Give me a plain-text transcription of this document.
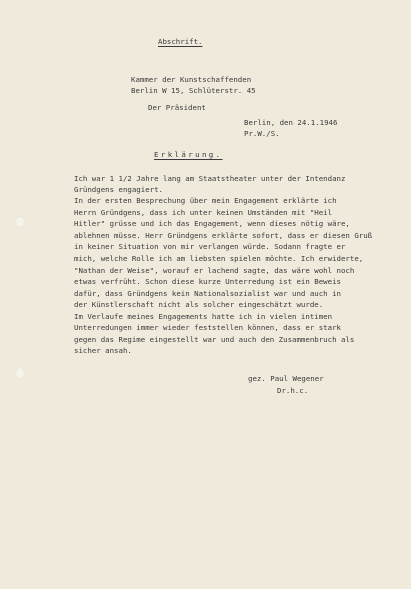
Abschrift.
Kammer der Kunstschaffenden
Berlin W 15, Schlüterstr. 45
Der Präsident
Berlin, den 24.1.1946
Pr.W./S.
Erklärung.
Ich war 1 1/2 Jahre lang am Staatstheater unter der Intendanz
Gründgens engagiert.
In der ersten Besprechung über mein Engagement erklärte ich
Herrn Gründgens, dass ich unter keinen Umständen mit "Heil
Hitler" grüsse und ich das Engagement, wenn dieses nötig wäre,
ablehnen müsse. Herr Gründgens erklärte sofort, dass er diesen Gruß
in keiner Situation von mir verlangen würde. Sodann fragte er
mich, welche Rolle ich am liebsten spielen möchte. Ich erwiderte,
"Nathan der Weise", worauf er lachend sagte, das wäre wohl noch
etwas verfrüht. Schon diese kurze Unterredung ist ein Beweis
dafür, dass Gründgens kein Nationalsozialist war und auch in
der Künstlerschaft nicht als solcher eingeschätzt wurde.
Im Verlaufe meines Engagements hatte ich in vielen intimen
Unterredungen immer wieder feststellen können, dass er stark
gegen das Regime eingestellt war und auch den Zusammenbruch als
sicher ansah.
gez. Paul Wegener
Dr.h.c.
